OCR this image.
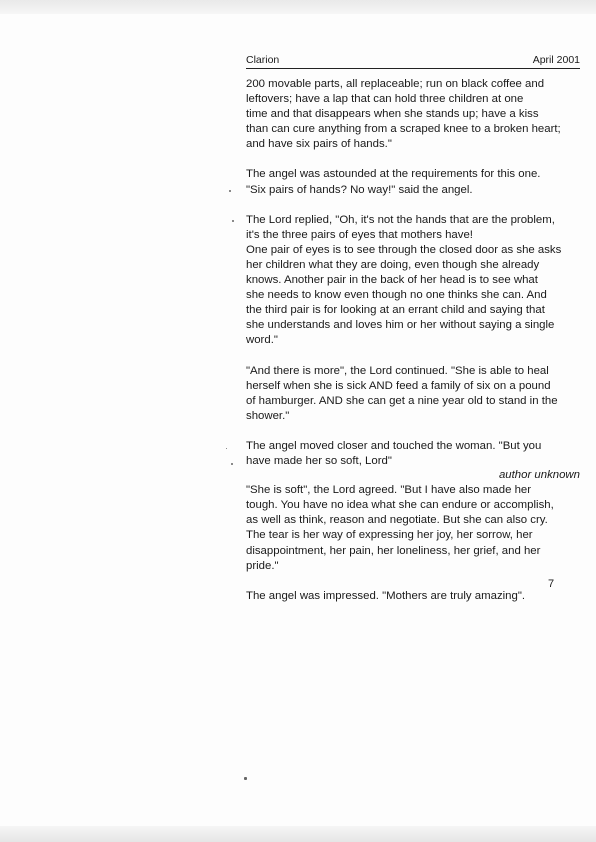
Clarion	April 2001

200 movable parts, all replaceable; run on black coffee and
leftovers; have a lap that can hold three children at one
time and that disappears when she stands up; have a kiss
than can cure anything from a scraped knee to a broken heart;
and have six pairs of hands."

The angel was astounded at the requirements for this one.
"Six pairs of hands? No way!" said the angel.

The Lord replied, "Oh, it's not the hands that are the problem,
it's the three pairs of eyes that mothers have!
One pair of eyes is to see through the closed door as she asks
her children what they are doing, even though she already
knows. Another pair in the back of her head is to see what
she needs to know even though no one thinks she can. And
the third pair is for looking at an errant child and saying that
she understands and loves him or her without saying a single
word."

"And there is more", the Lord continued. "She is able to heal
herself when she is sick AND feed a family of six on a pound
of hamburger. AND she can get a nine year old to stand in the
shower."

The angel moved closer and touched the woman. "But you
have made her so soft, Lord"

author unknown

"She is soft", the Lord agreed. "But I have also made her
tough. You have no idea what she can endure or accomplish,
as well as think, reason and negotiate. But she can also cry.
The tear is her way of expressing her joy, her sorrow, her
disappointment, her pain, her loneliness, her grief, and her
pride."

The angel was impressed. "Mothers are truly amazing".

7
